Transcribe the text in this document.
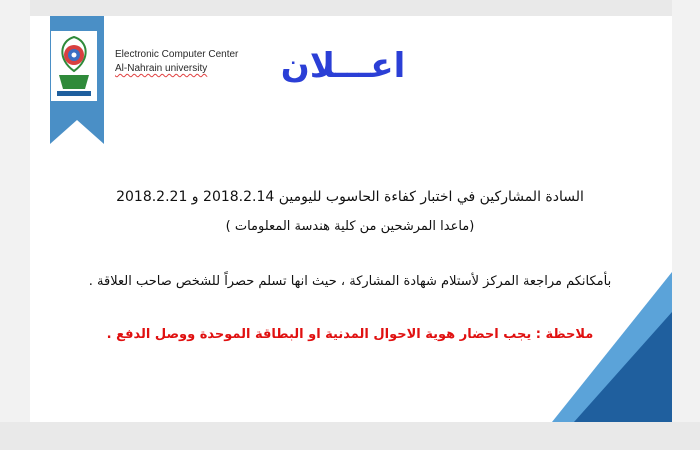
Electronic Computer Center
Al-Nahrain university	اعـــلان
السادة المشاركين في اختبار كفاءة الحاسوب لليومين 2018.2.14 و 2018.2.21
(ماعدا المرشحين من كلية هندسة المعلومات )
بأمكانكم مراجعة المركز لأستلام شهادة المشاركة ، حيث انها تسلم حصراً للشخص صاحب العلاقة .
ملاحظة : يجب احضار هوية الاحوال المدنية او البطاقة الموحدة ووصل الدفع .
